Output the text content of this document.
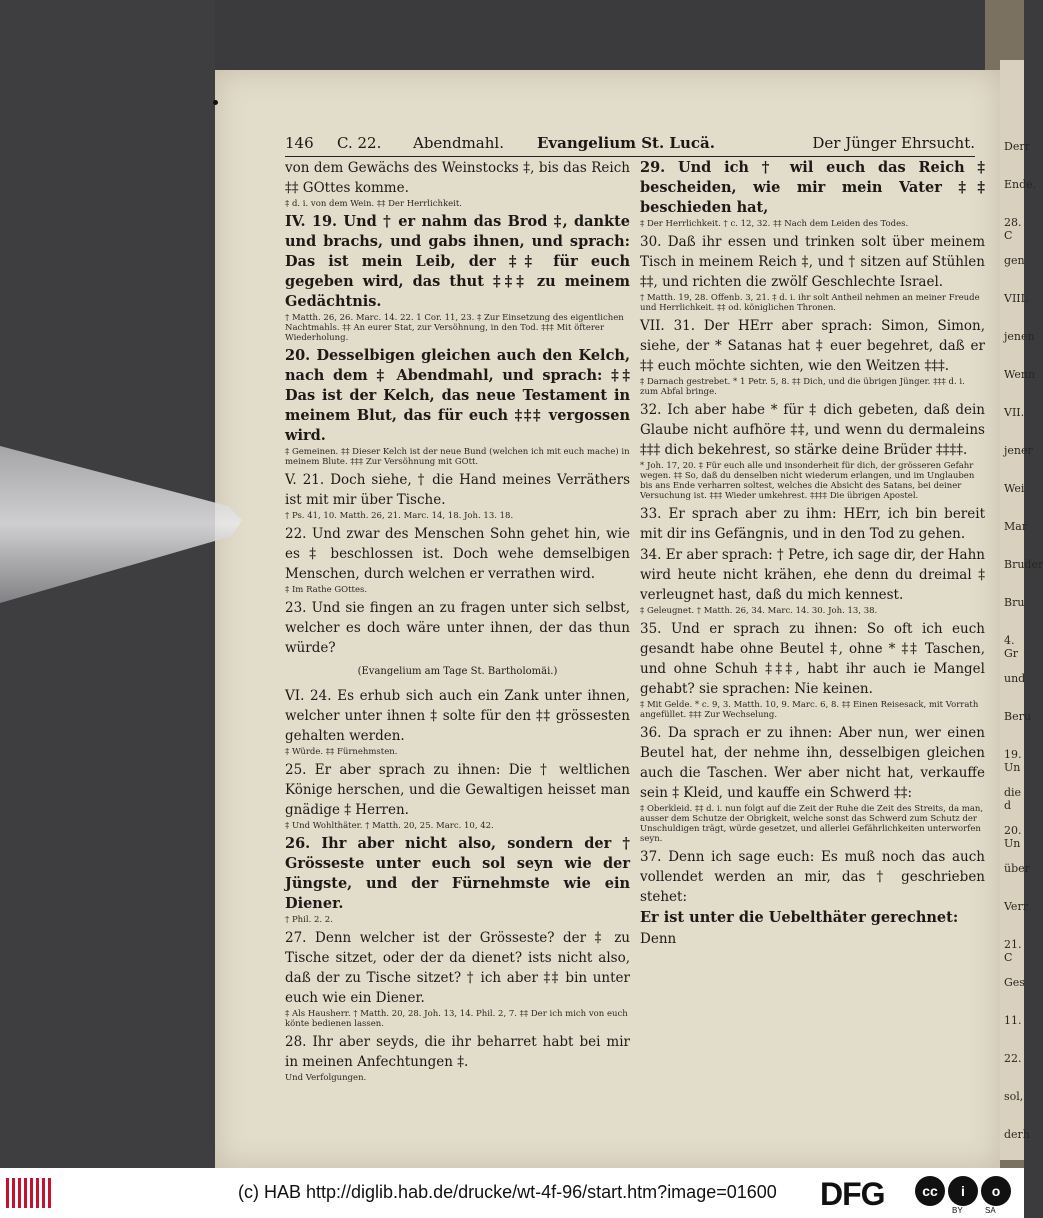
Derr
Ende.
28. C
gen
VIII.
jenen
Wenn
VII.
jener
Wei
Mar
Bruder
Bru
4. Gr
und
Beru
19. Un
die d
20. Un
über
Verr
21. C
Ges
11.
22.
sol,
derh
146 C. 22. Abendmahl. Evangelium St. Lucä.	Der Jünger Ehrsucht.
von dem Gewächs des Weinstocks ‡, bis das Reich ‡‡ GOttes komme.
‡ d. i. von dem Wein. ‡‡ Der Herrlichkeit.
IV. 19. Und † er nahm das Brod ‡, dankte und brachs, und gabs ihnen, und sprach: Das ist mein Leib, der ‡‡ für euch gegeben wird, das thut ‡‡‡ zu meinem Gedächtnis.
† Matth. 26, 26. Marc. 14. 22. 1 Cor. 11, 23. ‡ Zur Einsetzung des eigentlichen Nachtmahls. ‡‡ An eurer Stat, zur Versöhnung, in den Tod. ‡‡‡ Mit öfterer Wiederholung.
20. Desselbigen gleichen auch den Kelch, nach dem ‡ Abendmahl, und sprach: ‡‡ Das ist der Kelch, das neue Testament in meinem Blut, das für euch ‡‡‡ vergossen wird.
‡ Gemeinen. ‡‡ Dieser Kelch ist der neue Bund (welchen ich mit euch mache) in meinem Blute. ‡‡‡ Zur Versöhnung mit GOtt.
V. 21. Doch siehe, † die Hand meines Verräthers ist mit mir über Tische.
† Ps. 41, 10. Matth. 26, 21. Marc. 14, 18. Joh. 13. 18.
22. Und zwar des Menschen Sohn gehet hin, wie es ‡ beschlossen ist. Doch wehe demselbigen Menschen, durch welchen er verrathen wird.
‡ Im Rathe GOttes.
23. Und sie fingen an zu fragen unter sich selbst, welcher es doch wäre unter ihnen, der das thun würde?
(Evangelium am Tage St. Bartholomäi.)
VI. 24. Es erhub sich auch ein Zank unter ihnen, welcher unter ihnen ‡ solte für den ‡‡ grössesten gehalten werden.
‡ Würde. ‡‡ Fürnehmsten.
25. Er aber sprach zu ihnen: Die † weltlichen Könige herschen, und die Gewaltigen heisset man gnädige ‡ Herren.
‡ Und Wohlthäter. † Matth. 20, 25. Marc. 10, 42.
26. Ihr aber nicht also, sondern der † Grösseste unter euch sol seyn wie der Jüngste, und der Fürnehmste wie ein Diener.
† Phil. 2. 2.
27. Denn welcher ist der Grösseste? der ‡ zu Tische sitzet, oder der da dienet? ists nicht also, daß der zu Tische sitzet? † ich aber ‡‡ bin unter euch wie ein Diener.
‡ Als Hausherr. † Matth. 20, 28. Joh. 13, 14. Phil. 2, 7. ‡‡ Der ich mich von euch könte bedienen lassen.
28. Ihr aber seyds, die ihr beharret habt bei mir in meinen Anfechtungen ‡.
Und Verfolgungen.
29. Und ich † wil euch das Reich ‡ bescheiden, wie mir mein Vater ‡‡ beschieden hat,
‡ Der Herrlichkeit. † c. 12, 32. ‡‡ Nach dem Leiden des Todes.
30. Daß ihr essen und trinken solt über meinem Tisch in meinem Reich ‡, und † sitzen auf Stühlen ‡‡, und richten die zwölf Geschlechte Israel.
† Matth. 19, 28. Offenb. 3, 21. ‡ d. i. ihr solt Antheil nehmen an meiner Freude und Herrlichkeit. ‡‡ od. königlichen Thronen.
VII. 31. Der HErr aber sprach: Simon, Simon, siehe, der * Satanas hat ‡ euer begehret, daß er ‡‡ euch möchte sichten, wie den Weitzen ‡‡‡.
‡ Darnach gestrebet. * 1 Petr. 5, 8. ‡‡ Dich, und die übrigen Jünger. ‡‡‡ d. i. zum Abfal bringe.
32. Ich aber habe * für ‡ dich gebeten, daß dein Glaube nicht aufhöre ‡‡, und wenn du dermaleins ‡‡‡ dich bekehrest, so stärke deine Brüder ‡‡‡‡.
* Joh. 17, 20. ‡ Für euch alle und insonderheit für dich, der grösseren Gefahr wegen. ‡‡ So, daß du denselben nicht wiederum erlangen, und im Unglauben bis ans Ende verharren soltest, welches die Absicht des Satans, bei deiner Versuchung ist. ‡‡‡ Wieder umkehrest. ‡‡‡‡ Die übrigen Apostel.
33. Er sprach aber zu ihm: HErr, ich bin bereit mit dir ins Gefängnis, und in den Tod zu gehen.
34. Er aber sprach: † Petre, ich sage dir, der Hahn wird heute nicht krähen, ehe denn du dreimal ‡ verleugnet hast, daß du mich kennest.
‡ Geleugnet. † Matth. 26, 34. Marc. 14. 30. Joh. 13, 38.
35. Und er sprach zu ihnen: So oft ich euch gesandt habe ohne Beutel ‡, ohne * ‡‡ Taschen, und ohne Schuh ‡‡‡, habt ihr auch ie Mangel gehabt? sie sprachen: Nie keinen.
‡ Mit Gelde. * c. 9, 3. Matth. 10, 9. Marc. 6, 8. ‡‡ Einen Reisesack, mit Vorrath angefüllet. ‡‡‡ Zur Wechselung.
36. Da sprach er zu ihnen: Aber nun, wer einen Beutel hat, der nehme ihn, desselbigen gleichen auch die Taschen. Wer aber nicht hat, verkauffe sein ‡ Kleid, und kauffe ein Schwerd ‡‡:
‡ Oberkleid. ‡‡ d. i. nun folgt auf die Zeit der Ruhe die Zeit des Streits, da man, ausser dem Schutze der Obrigkeit, welche sonst das Schwerd zum Schutz der Unschuldigen trägt, würde gesetzet, und allerlei Gefährlichkeiten unterworfen seyn.
37. Denn ich sage euch: Es muß noch das auch vollendet werden an mir, das † geschrieben stehet:
Er ist unter die Uebelthäter gerechnet:
Denn
(c) HAB http://diglib.hab.de/drucke/wt-4f-96/start.htm?image=01600 DFG	cc	i	o
BY	SA
